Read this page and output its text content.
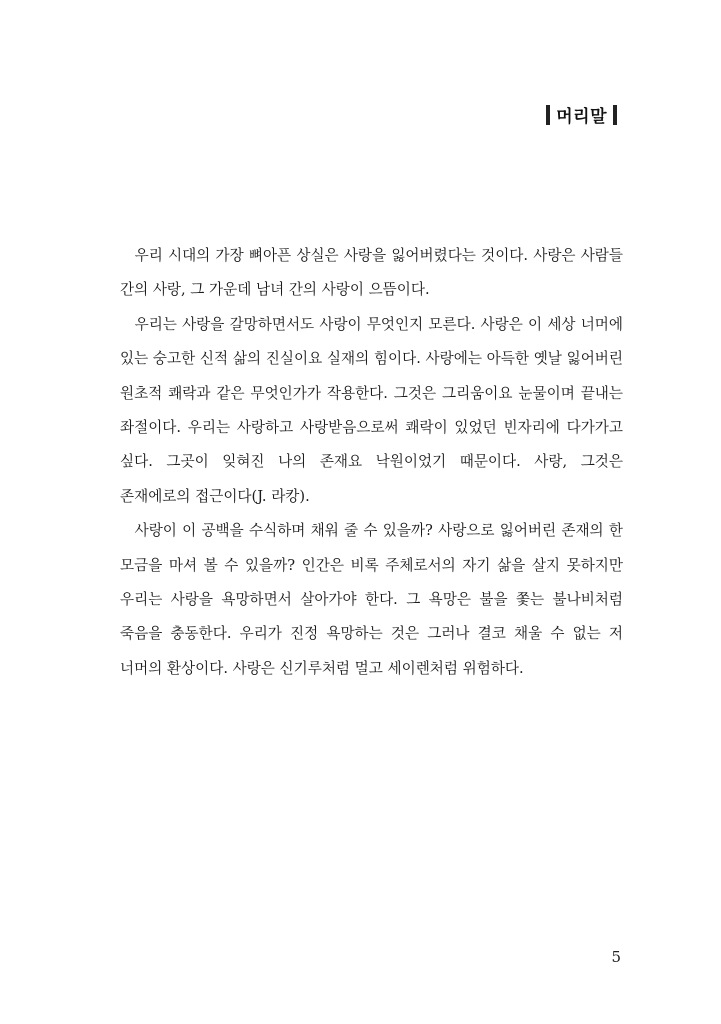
머리말

우리 시대의 가장 뼈아픈 상실은 사랑을 잃어버렸다는 것이다. 사랑은 사람들 간의 사랑, 그 가운데 남녀 간의 사랑이 으뜸이다.

우리는 사랑을 갈망하면서도 사랑이 무엇인지 모른다. 사랑은 이 세상 너머에 있는 숭고한 신적 삶의 진실이요 실재의 힘이다. 사랑에는 아득한 옛날 잃어버린 원초적 쾌락과 같은 무엇인가가 작용한다. 그것은 그리움이요 눈물이며 끝내는 좌절이다. 우리는 사랑하고 사랑받음으로써 쾌락이 있었던 빈자리에 다가가고 싶다. 그곳이 잊혀진 나의 존재요 낙원이었기 때문이다. 사랑, 그것은 존재에로의 접근이다(J. 라캉).

사랑이 이 공백을 수식하며 채워 줄 수 있을까? 사랑으로 잃어버린 존재의 한 모금을 마셔 볼 수 있을까? 인간은 비록 주체로서의 자기 삶을 살지 못하지만 우리는 사랑을 욕망하면서 살아가야 한다. 그 욕망은 불을 쫓는 불나비처럼 죽음을 충동한다. 우리가 진정 욕망하는 것은 그러나 결코 채울 수 없는 저 너머의 환상이다. 사랑은 신기루처럼 멀고 세이렌처럼 위험하다.

5
